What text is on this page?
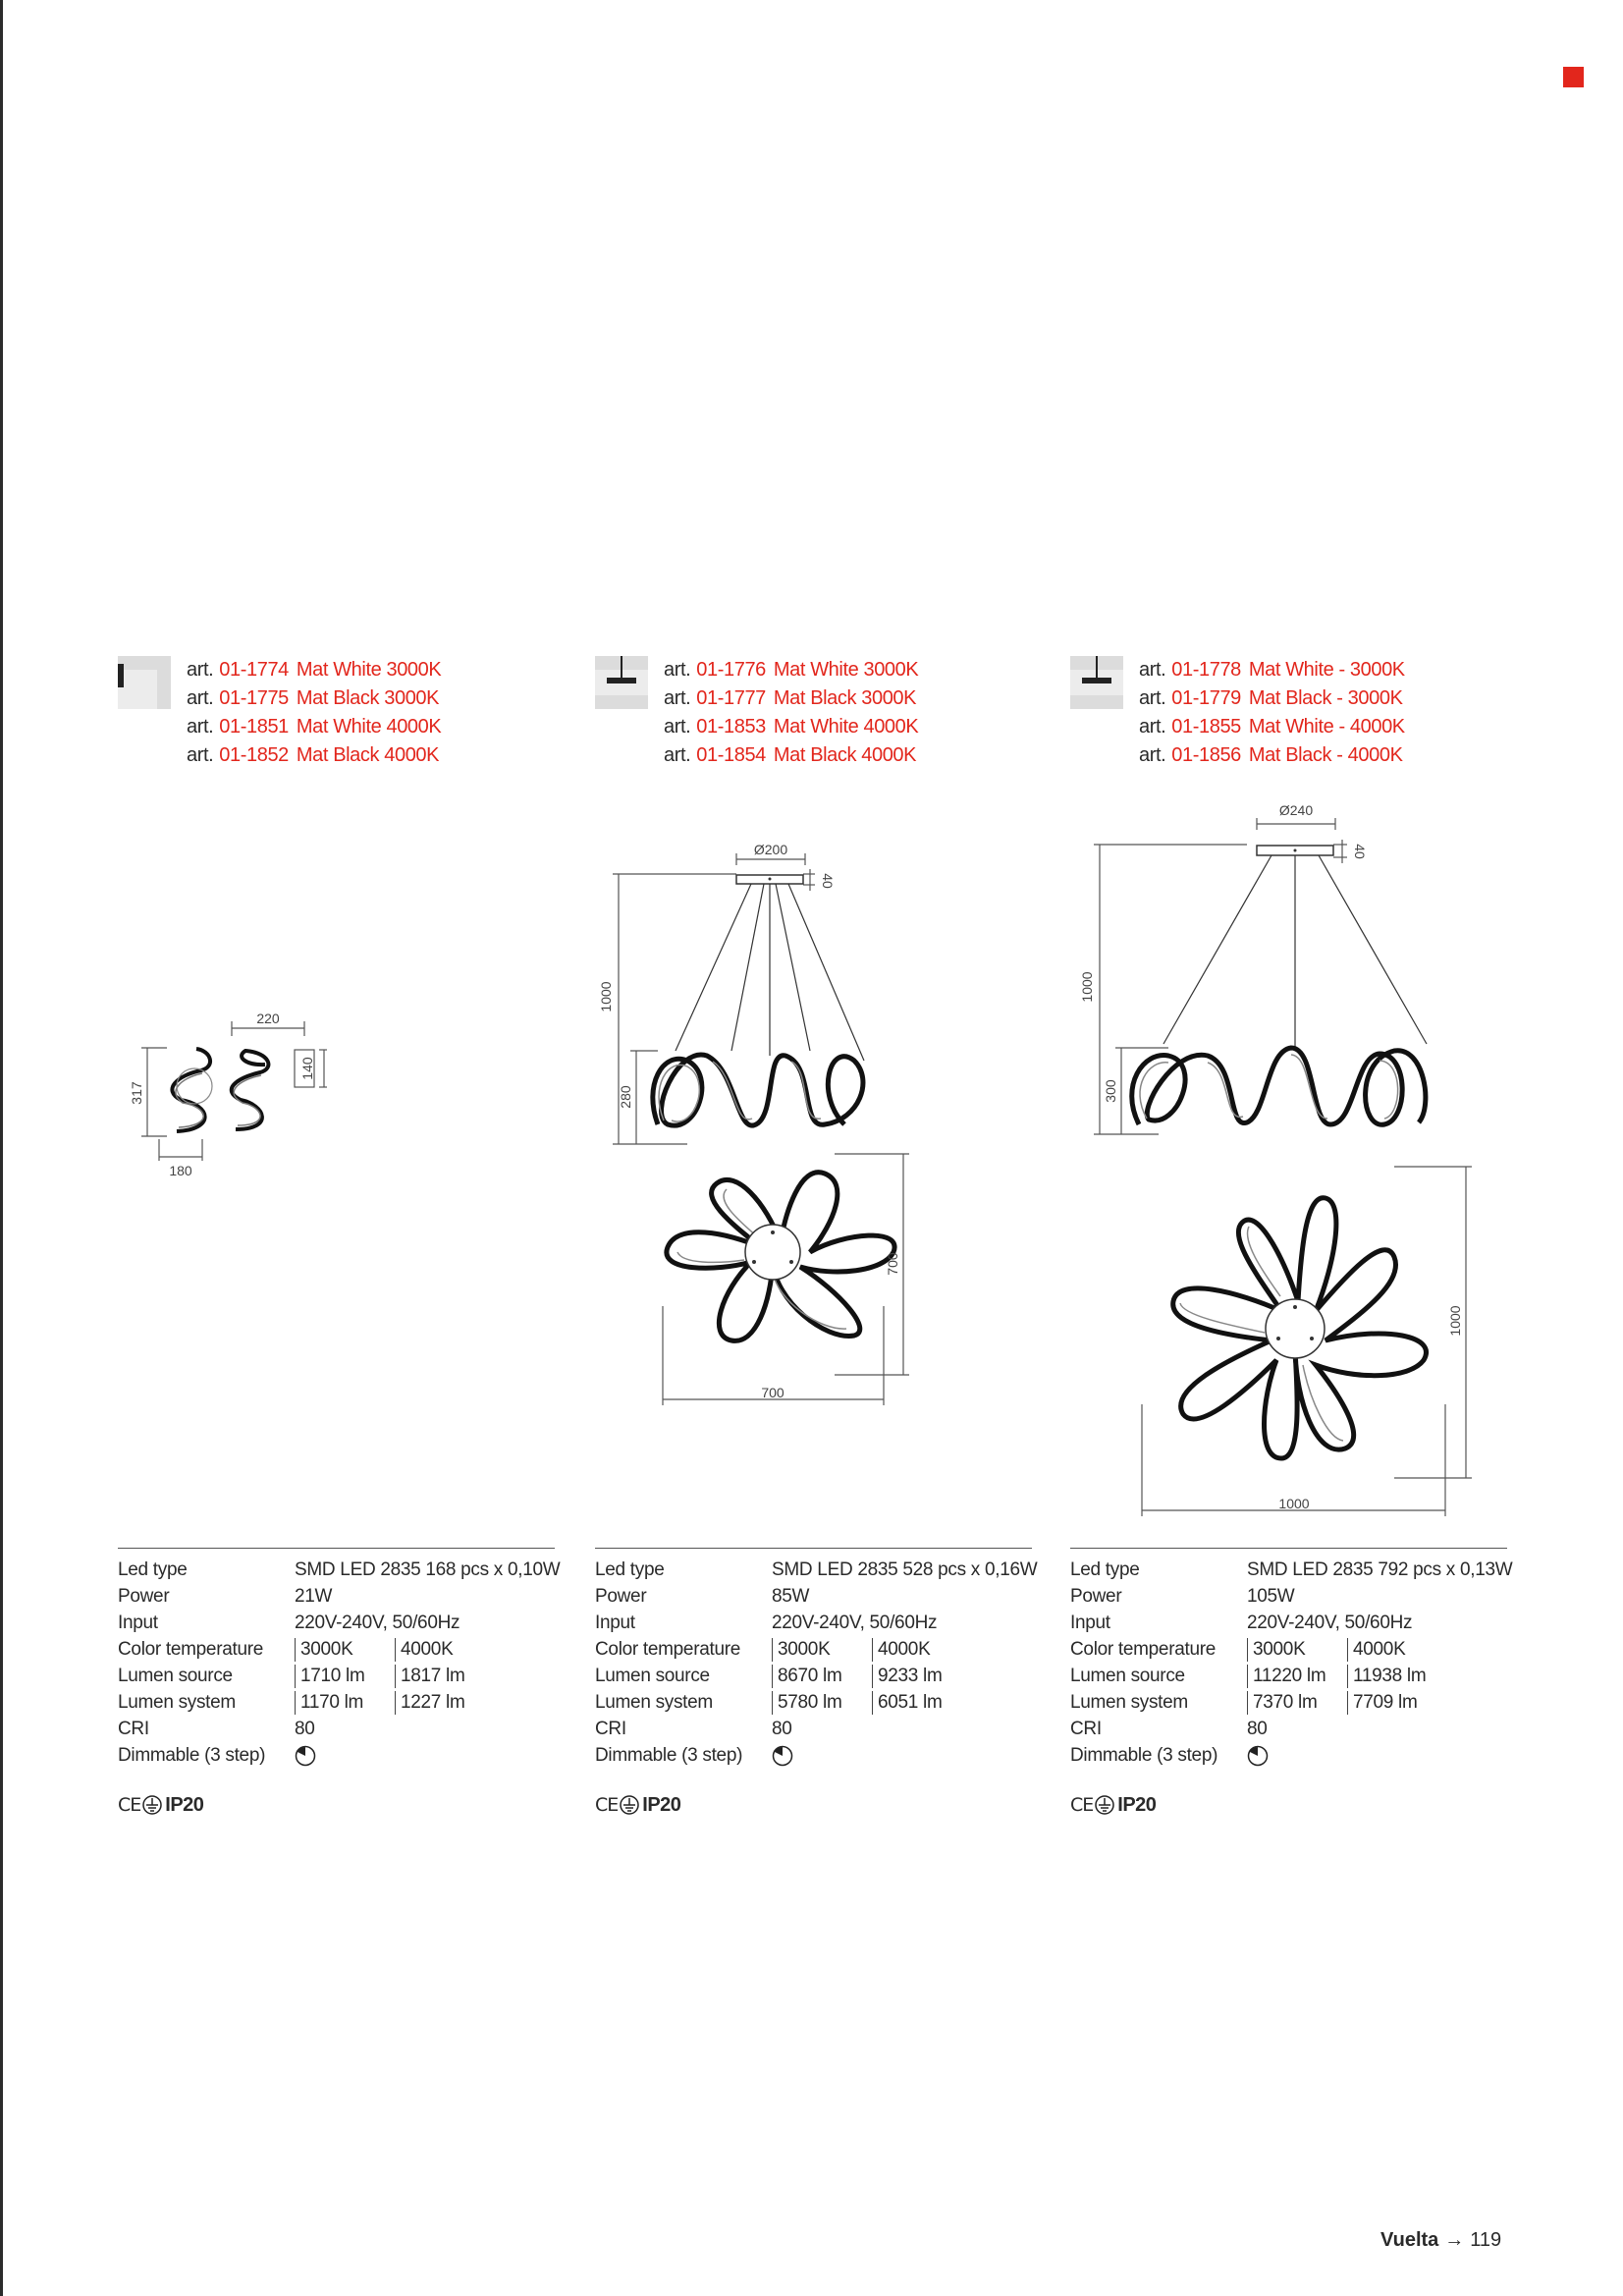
art. 01-1774 Mat White 3000K
art. 01-1775 Mat Black 3000K
art. 01-1851 Mat White 4000K
art. 01-1852 Mat Black 4000K
317
180
220
140
art. 01-1776 Mat White 3000K
art. 01-1777 Mat Black 3000K
art. 01-1853 Mat White 4000K
art. 01-1854 Mat Black 4000K
Ø200
40
1000
280
700
700
art. 01-1778 Mat White - 3000K
art. 01-1779 Mat Black - 3000K
art. 01-1855 Mat White - 4000K
art. 01-1856 Mat Black - 4000K
Ø240
40
1000
300
1000
1000
Led type	SMD LED 2835 168 pcs x 0,10W
Power	21W
Input	220V-240V, 50/60Hz
Color temperature	3000K	4000K
Lumen source	1710 lm	1817 lm
Lumen system	1170 lm	1227 lm
CRI	80
Dimmable (3 step)
Led type	SMD LED 2835 528 pcs x 0,16W
Power	85W
Input	220V-240V, 50/60Hz
Color temperature	3000K	4000K
Lumen source	8670 lm	9233 lm
Lumen system	5780 lm	6051 lm
CRI	80
Dimmable (3 step)
Led type	SMD LED 2835 792 pcs x 0,13W
Power	105W
Input	220V-240V, 50/60Hz
Color temperature	3000K	4000K
Lumen source	11220 lm	11938 lm
Lumen system	7370 lm	7709 lm
CRI	80
Dimmable (3 step)
CE IP20	CE IP20	CE IP20
Vuelta → 119
